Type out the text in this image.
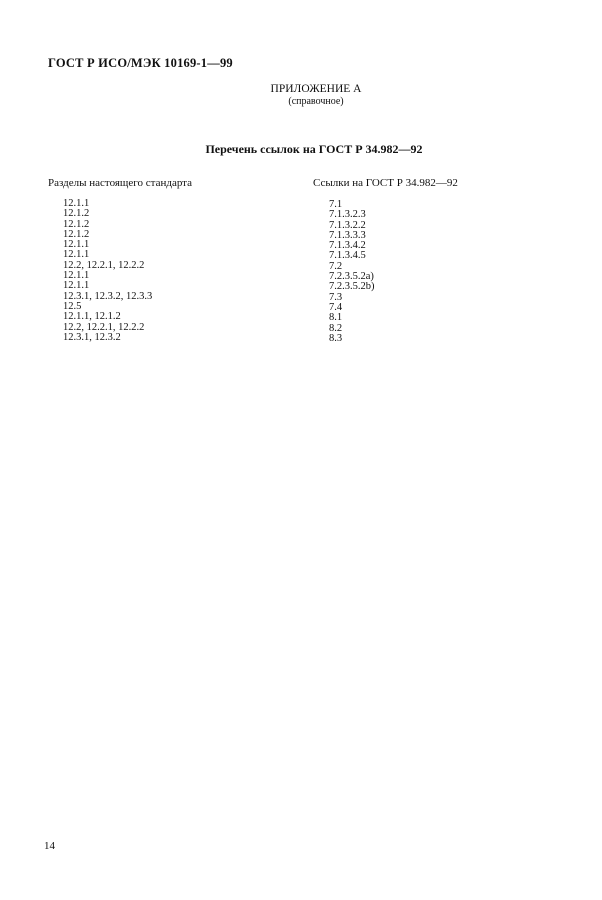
ГОСТ Р ИСО/МЭК 10169-1—99
ПРИЛОЖЕНИЕ А
(справочное)
Перечень ссылок на ГОСТ Р 34.982—92
Разделы настоящего стандарта	Ссылки на ГОСТ Р 34.982—92
12.1.1
12.1.2
12.1.2
12.1.2
12.1.1
12.1.1
12.2, 12.2.1, 12.2.2
12.1.1
12.1.1
12.3.1, 12.3.2, 12.3.3
12.5
12.1.1, 12.1.2
12.2, 12.2.1, 12.2.2
12.3.1, 12.3.2
7.1
7.1.3.2.3
7.1.3.2.2
7.1.3.3.3
7.1.3.4.2
7.1.3.4.5
7.2
7.2.3.5.2a)
7.2.3.5.2b)
7.3
7.4
8.1
8.2
8.3
14
